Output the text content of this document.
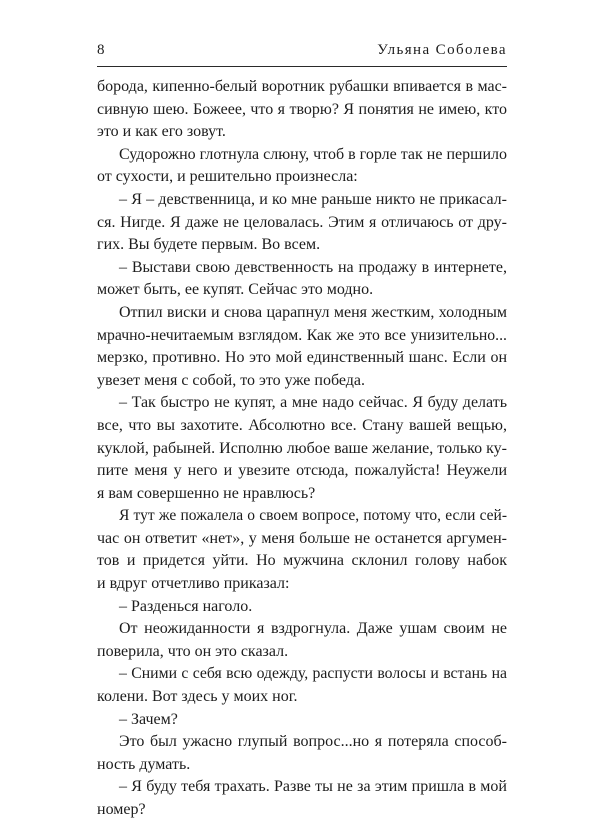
8	Ульяна Соболева
борода, кипенно-белый воротник рубашки впивается в мас-
сивную шею. Божеее, что я творю? Я понятия не имею, кто
это и как его зовут.
Судорожно глотнула слюну, чтоб в горле так не першило
от сухости, и решительно произнесла:
– Я – девственница, и ко мне раньше никто не прикасал-
ся. Нигде. Я даже не целовалась. Этим я отличаюсь от дру-
гих. Вы будете первым. Во всем.
– Выстави свою девственность на продажу в интернете,
может быть, ее купят. Сейчас это модно.
Отпил виски и снова царапнул меня жестким, холодным
мрачно-нечитаемым взглядом. Как же это все унизительно...
мерзко, противно. Но это мой единственный шанс. Если он
увезет меня с собой, то это уже победа.
– Так быстро не купят, а мне надо сейчас. Я буду делать
все, что вы захотите. Абсолютно все. Стану вашей вещью,
куклой, рабыней. Исполню любое ваше желание, только ку-
пите меня у него и увезите отсюда, пожалуйста! Неужели
я вам совершенно не нравлюсь?
Я тут же пожалела о своем вопросе, потому что, если сей-
час он ответит «нет», у меня больше не останется аргумен-
тов и придется уйти. Но мужчина склонил голову набок
и вдруг отчетливо приказал:
– Разденься наголо.
От неожиданности я вздрогнула. Даже ушам своим не
поверила, что он это сказал.
– Сними с себя всю одежду, распусти волосы и встань на
колени. Вот здесь у моих ног.
– Зачем?
Это был ужасно глупый вопрос...но я потеряла способ-
ность думать.
– Я буду тебя трахать. Разве ты не за этим пришла в мой
номер?
